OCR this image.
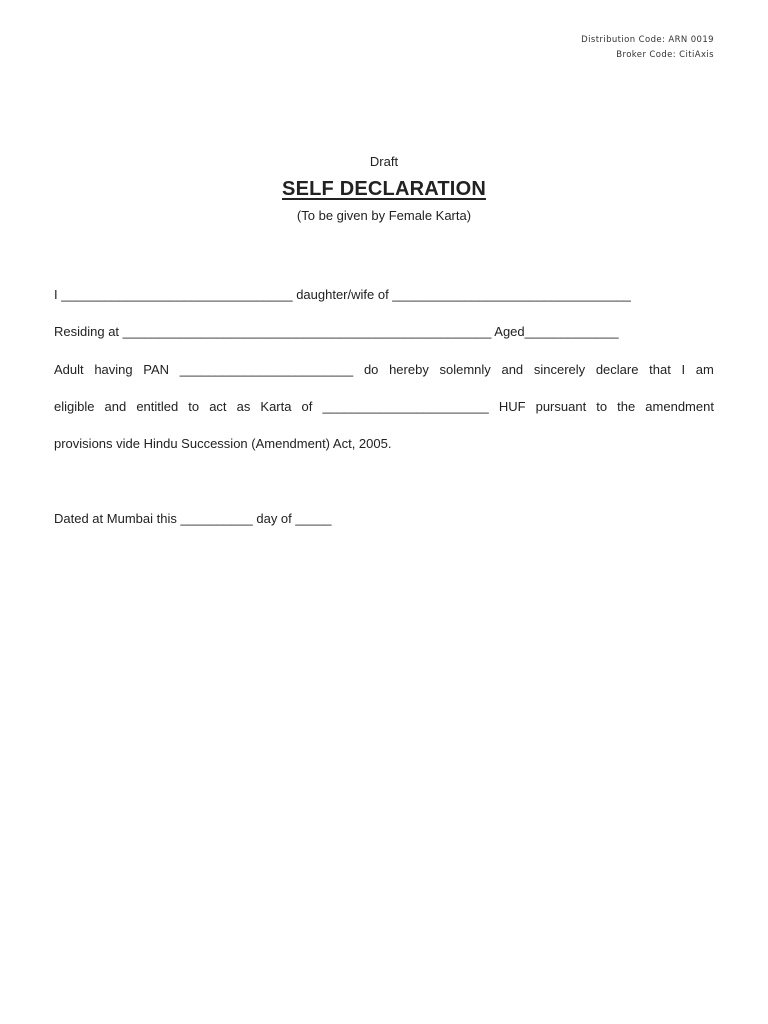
Distribution Code: ARN 0019
Broker Code: CitiAxis
Draft
SELF DECLARATION
(To be given by Female Karta)
I ________________________________ daughter/wife of _________________________________
Residing at ___________________________________________________ Aged_____________
Adult having PAN ________________________ do hereby solemnly and sincerely declare that I am
eligible and entitled to act as Karta of _______________________ HUF pursuant to the amendment
provisions vide Hindu Succession (Amendment) Act, 2005.
Dated at Mumbai this __________ day of _____
